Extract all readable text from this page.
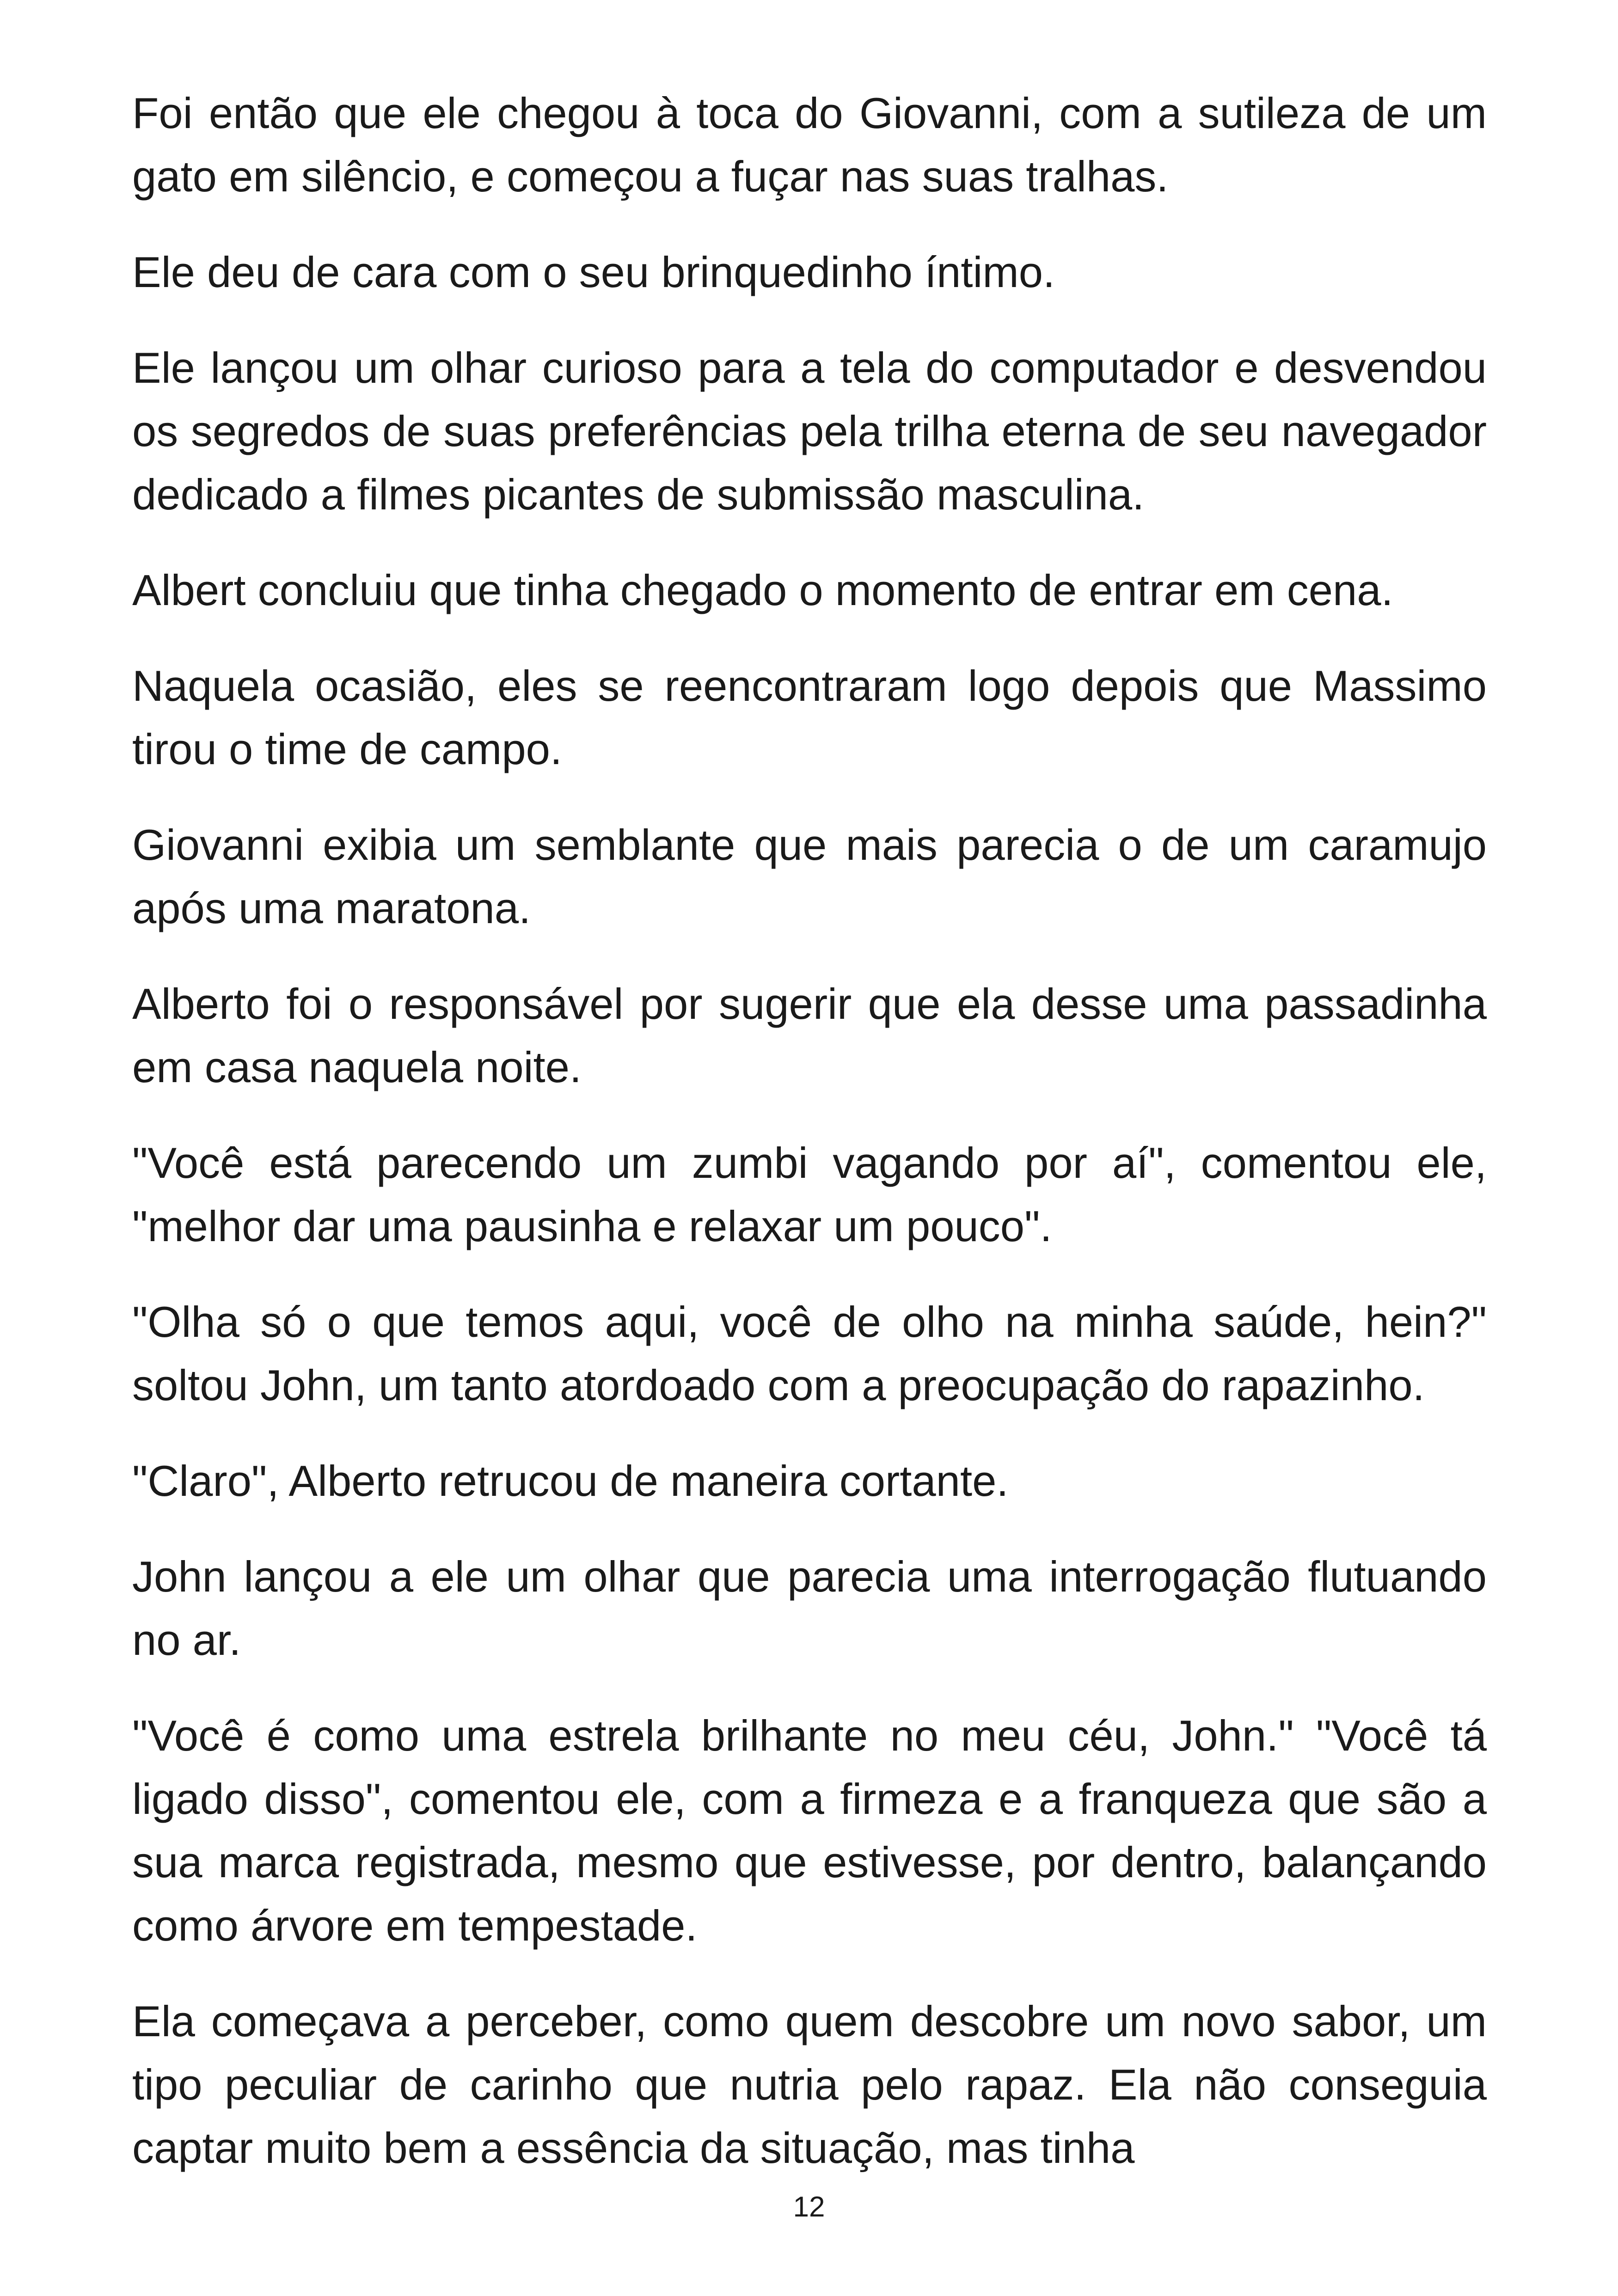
Foi então que ele chegou à toca do Giovanni, com a sutileza de um gato em silêncio, e começou a fuçar nas suas tralhas.

Ele deu de cara com o seu brinquedinho íntimo.

Ele lançou um olhar curioso para a tela do computador e desvendou os segredos de suas preferências pela trilha eterna de seu navegador dedicado a filmes picantes de submissão masculina.

Albert concluiu que tinha chegado o momento de entrar em cena.

Naquela ocasião, eles se reencontraram logo depois que Massimo tirou o time de campo.

Giovanni exibia um semblante que mais parecia o de um caramujo após uma maratona.

Alberto foi o responsável por sugerir que ela desse uma passadinha em casa naquela noite.

"Você está parecendo um zumbi vagando por aí", comentou ele, "melhor dar uma pausinha e relaxar um pouco".

"Olha só o que temos aqui, você de olho na minha saúde, hein?" soltou John, um tanto atordoado com a preocupação do rapazinho.

"Claro", Alberto retrucou de maneira cortante.

John lançou a ele um olhar que parecia uma interrogação flutuando no ar.

"Você é como uma estrela brilhante no meu céu, John." "Você tá ligado disso", comentou ele, com a firmeza e a franqueza que são a sua marca registrada, mesmo que estivesse, por dentro, balançando como árvore em tempestade.

Ela começava a perceber, como quem descobre um novo sabor, um tipo peculiar de carinho que nutria pelo rapaz. Ela não conseguia captar muito bem a essência da situação, mas tinha

12
